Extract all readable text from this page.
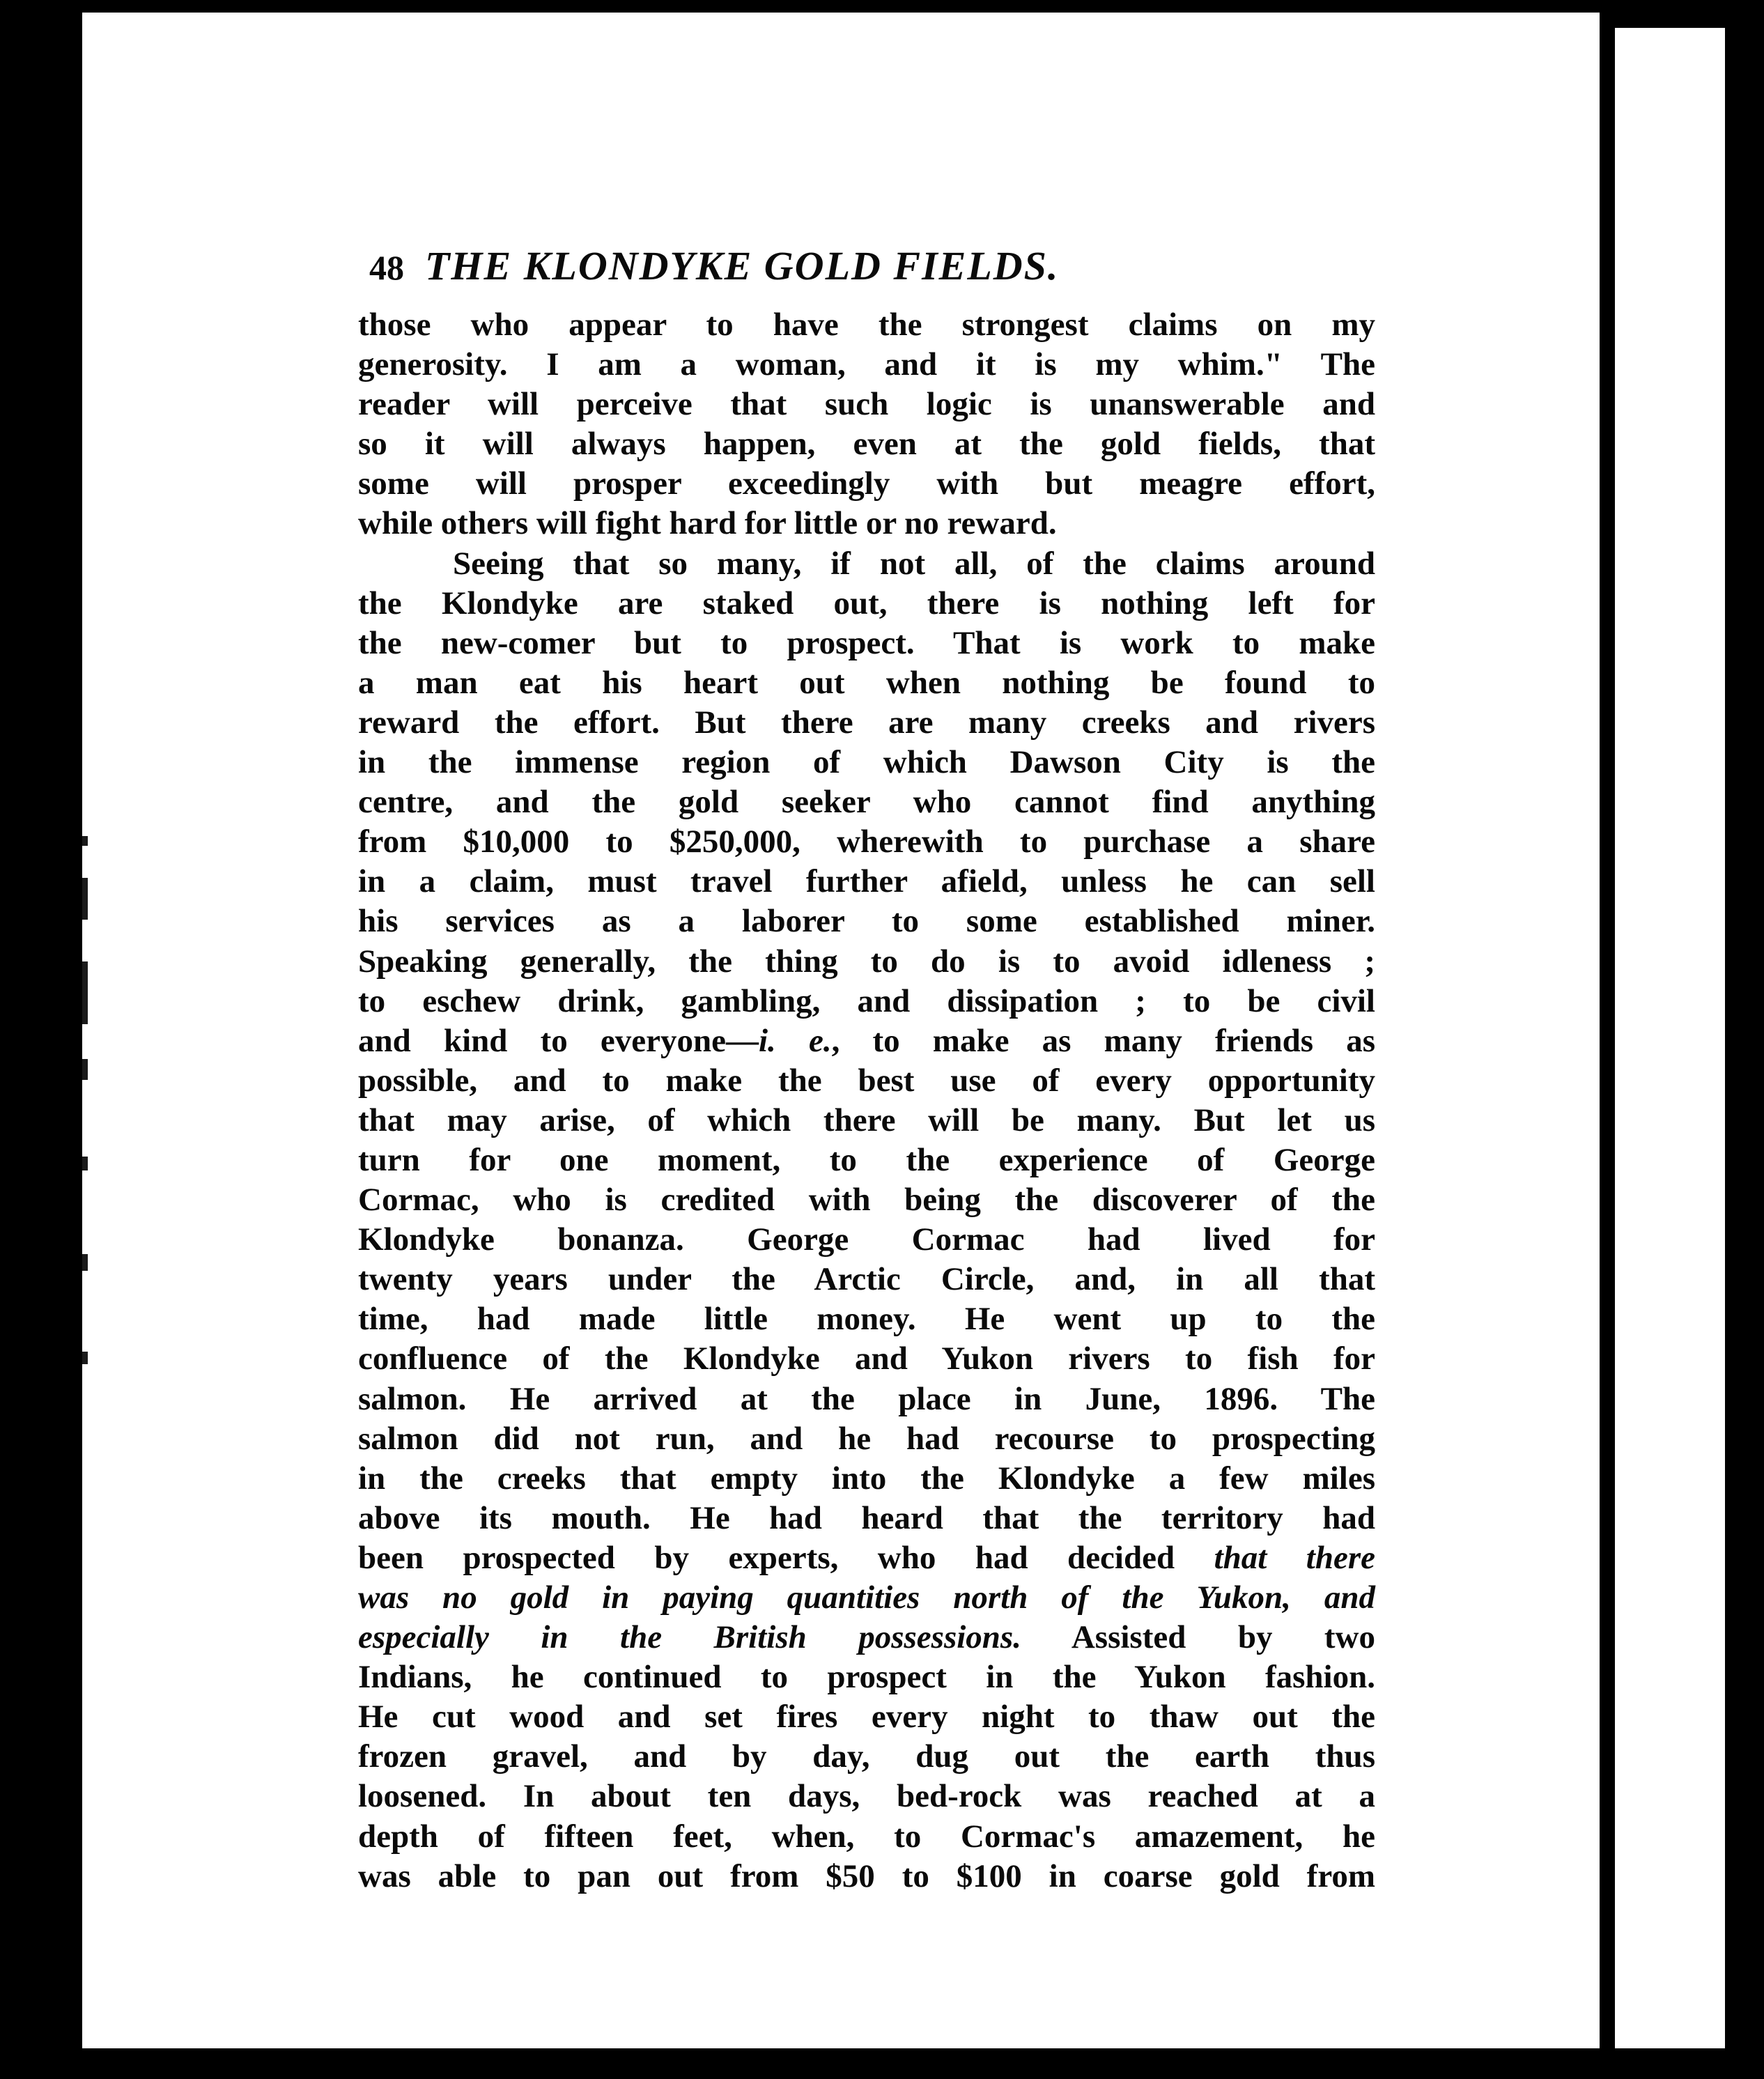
48 THE KLONDYKE GOLD FIELDS.
those who appear to have the strongest claims on my
generosity. I am a woman, and it is my whim." The
reader will perceive that such logic is unanswerable and
so it will always happen, even at the gold fields, that
some will prosper exceedingly with but meagre effort,
while others will fight hard for little or no reward.
Seeing that so many, if not all, of the claims around
the Klondyke are staked out, there is nothing left for
the new-comer but to prospect. That is work to make
a man eat his heart out when nothing be found to
reward the effort. But there are many creeks and rivers
in the immense region of which Dawson City is the
centre, and the gold seeker who cannot find anything
from $10,000 to $250,000, wherewith to purchase a share
in a claim, must travel further afield, unless he can sell
his services as a laborer to some established miner.
Speaking generally, the thing to do is to avoid idleness ;
to eschew drink, gambling, and dissipation ; to be civil
and kind to everyone—i. e., to make as many friends as
possible, and to make the best use of every opportunity
that may arise, of which there will be many. But let us
turn for one moment, to the experience of George
Cormac, who is credited with being the discoverer of the
Klondyke bonanza. George Cormac had lived for
twenty years under the Arctic Circle, and, in all that
time, had made little money. He went up to the
confluence of the Klondyke and Yukon rivers to fish for
salmon. He arrived at the place in June, 1896. The
salmon did not run, and he had recourse to prospecting
in the creeks that empty into the Klondyke a few miles
above its mouth. He had heard that the territory had
been prospected by experts, who had decided that there
was no gold in paying quantities north of the Yukon, and
especially in the British possessions. Assisted by two
Indians, he continued to prospect in the Yukon fashion.
He cut wood and set fires every night to thaw out the
frozen gravel, and by day, dug out the earth thus
loosened. In about ten days, bed-rock was reached at a
depth of fifteen feet, when, to Cormac's amazement, he
was able to pan out from $50 to $100 in coarse gold from
